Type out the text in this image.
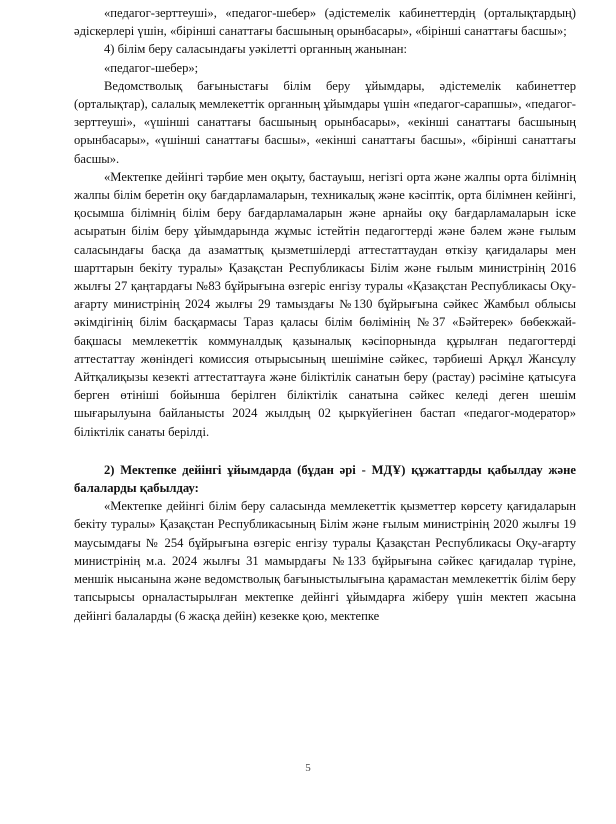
«педагог-зерттеуші», «педагог-шебер» (әдістемелік кабинеттердің (орталықтардың) әдіскерлері үшін, «бірінші санаттағы басшының орынбасары», «бірінші санаттағы басшы»;

4) білім беру саласындағы уәкілетті органның жанынан:

«педагог-шебер»;

Ведомстволық бағыныстағы білім беру ұйымдары, әдістемелік кабинеттер (орталықтар), салалық мемлекеттік органның ұйымдары үшін «педагог-сарапшы», «педагог-зерттеуші», «үшінші санаттағы басшының орынбасары», «екінші санаттағы басшының орынбасары», «үшінші санаттағы басшы», «екінші санаттағы басшы», «бірінші санаттағы басшы».

«Мектепке дейінгі тәрбие мен оқыту, бастауыш, негізгі орта және жалпы орта білімнің жалпы білім беретін оқу бағдарламаларын, техникалық және кәсіптік, орта білімнен кейінгі, қосымша білімнің білім беру бағдарламаларын және арнайы оқу бағдарламаларын іске асыратын білім беру ұйымдарында жұмыс істейтін педагогтерді және бәлем және ғылым саласындағы басқа да азаматтық қызметшілерді аттестаттаудан өткізу қағидалары мен шарттарын бекіту туралы» Қазақстан Республикасы Білім және ғылым министрінің 2016 жылғы 27 қаңтардағы №83 бұйрығына өзгеріс енгізу туралы «Қазақстан Республикасы Оқу-ағарту министрінің 2024 жылғы 29 тамыздағы №130 бұйрығына сәйкес Жамбыл облысы әкімдігінің білім басқармасы Тараз қаласы білім бөлімінің №37 «Бәйтерек» бөбекжай-бақшасы мемлекеттік коммуналдық қазыналық кәсіпорнында құрылған педагогтерді аттестаттау жөніндегі комиссия отырысының шешіміне сәйкес, тәрбиеші Арқұл Жансұлу Айтқалиқызы кезекті аттестаттауға және біліктілік санатын беру (растау) рәсіміне қатысуға берген өтініші бойынша берілген біліктілік санатына сәйкес келеді деген шешім шығарылуына байланысты 2024 жылдың 02 қыркүйегінен бастап «педагог-модератор» біліктілік санаты берілді.

2) Мектепке дейінгі ұйымдарда (бұдан әрі - МДҰ) құжаттарды қабылдау және балаларды қабылдау:

«Мектепке дейінгі білім беру саласында мемлекеттік қызметтер көрсету қағидаларын бекіту туралы» Қазақстан Республикасының Білім және ғылым министрінің 2020 жылғы 19 маусымдағы № 254 бұйрығына өзгеріс енгізу туралы Қазақстан Республикасы Оқу-ағарту министрінің м.а. 2024 жылғы 31 мамырдағы №133 бұйрығына сәйкес қағидалар түріне, меншік нысанына және ведомстволық бағыныстылығына қарамастан мемлекеттік білім беру тапсырысы орналастырылған мектепке дейінгі ұйымдарға жіберу үшін мектеп жасына дейінгі балаларды (6 жасқа дейін) кезекке қою, мектепке

5
